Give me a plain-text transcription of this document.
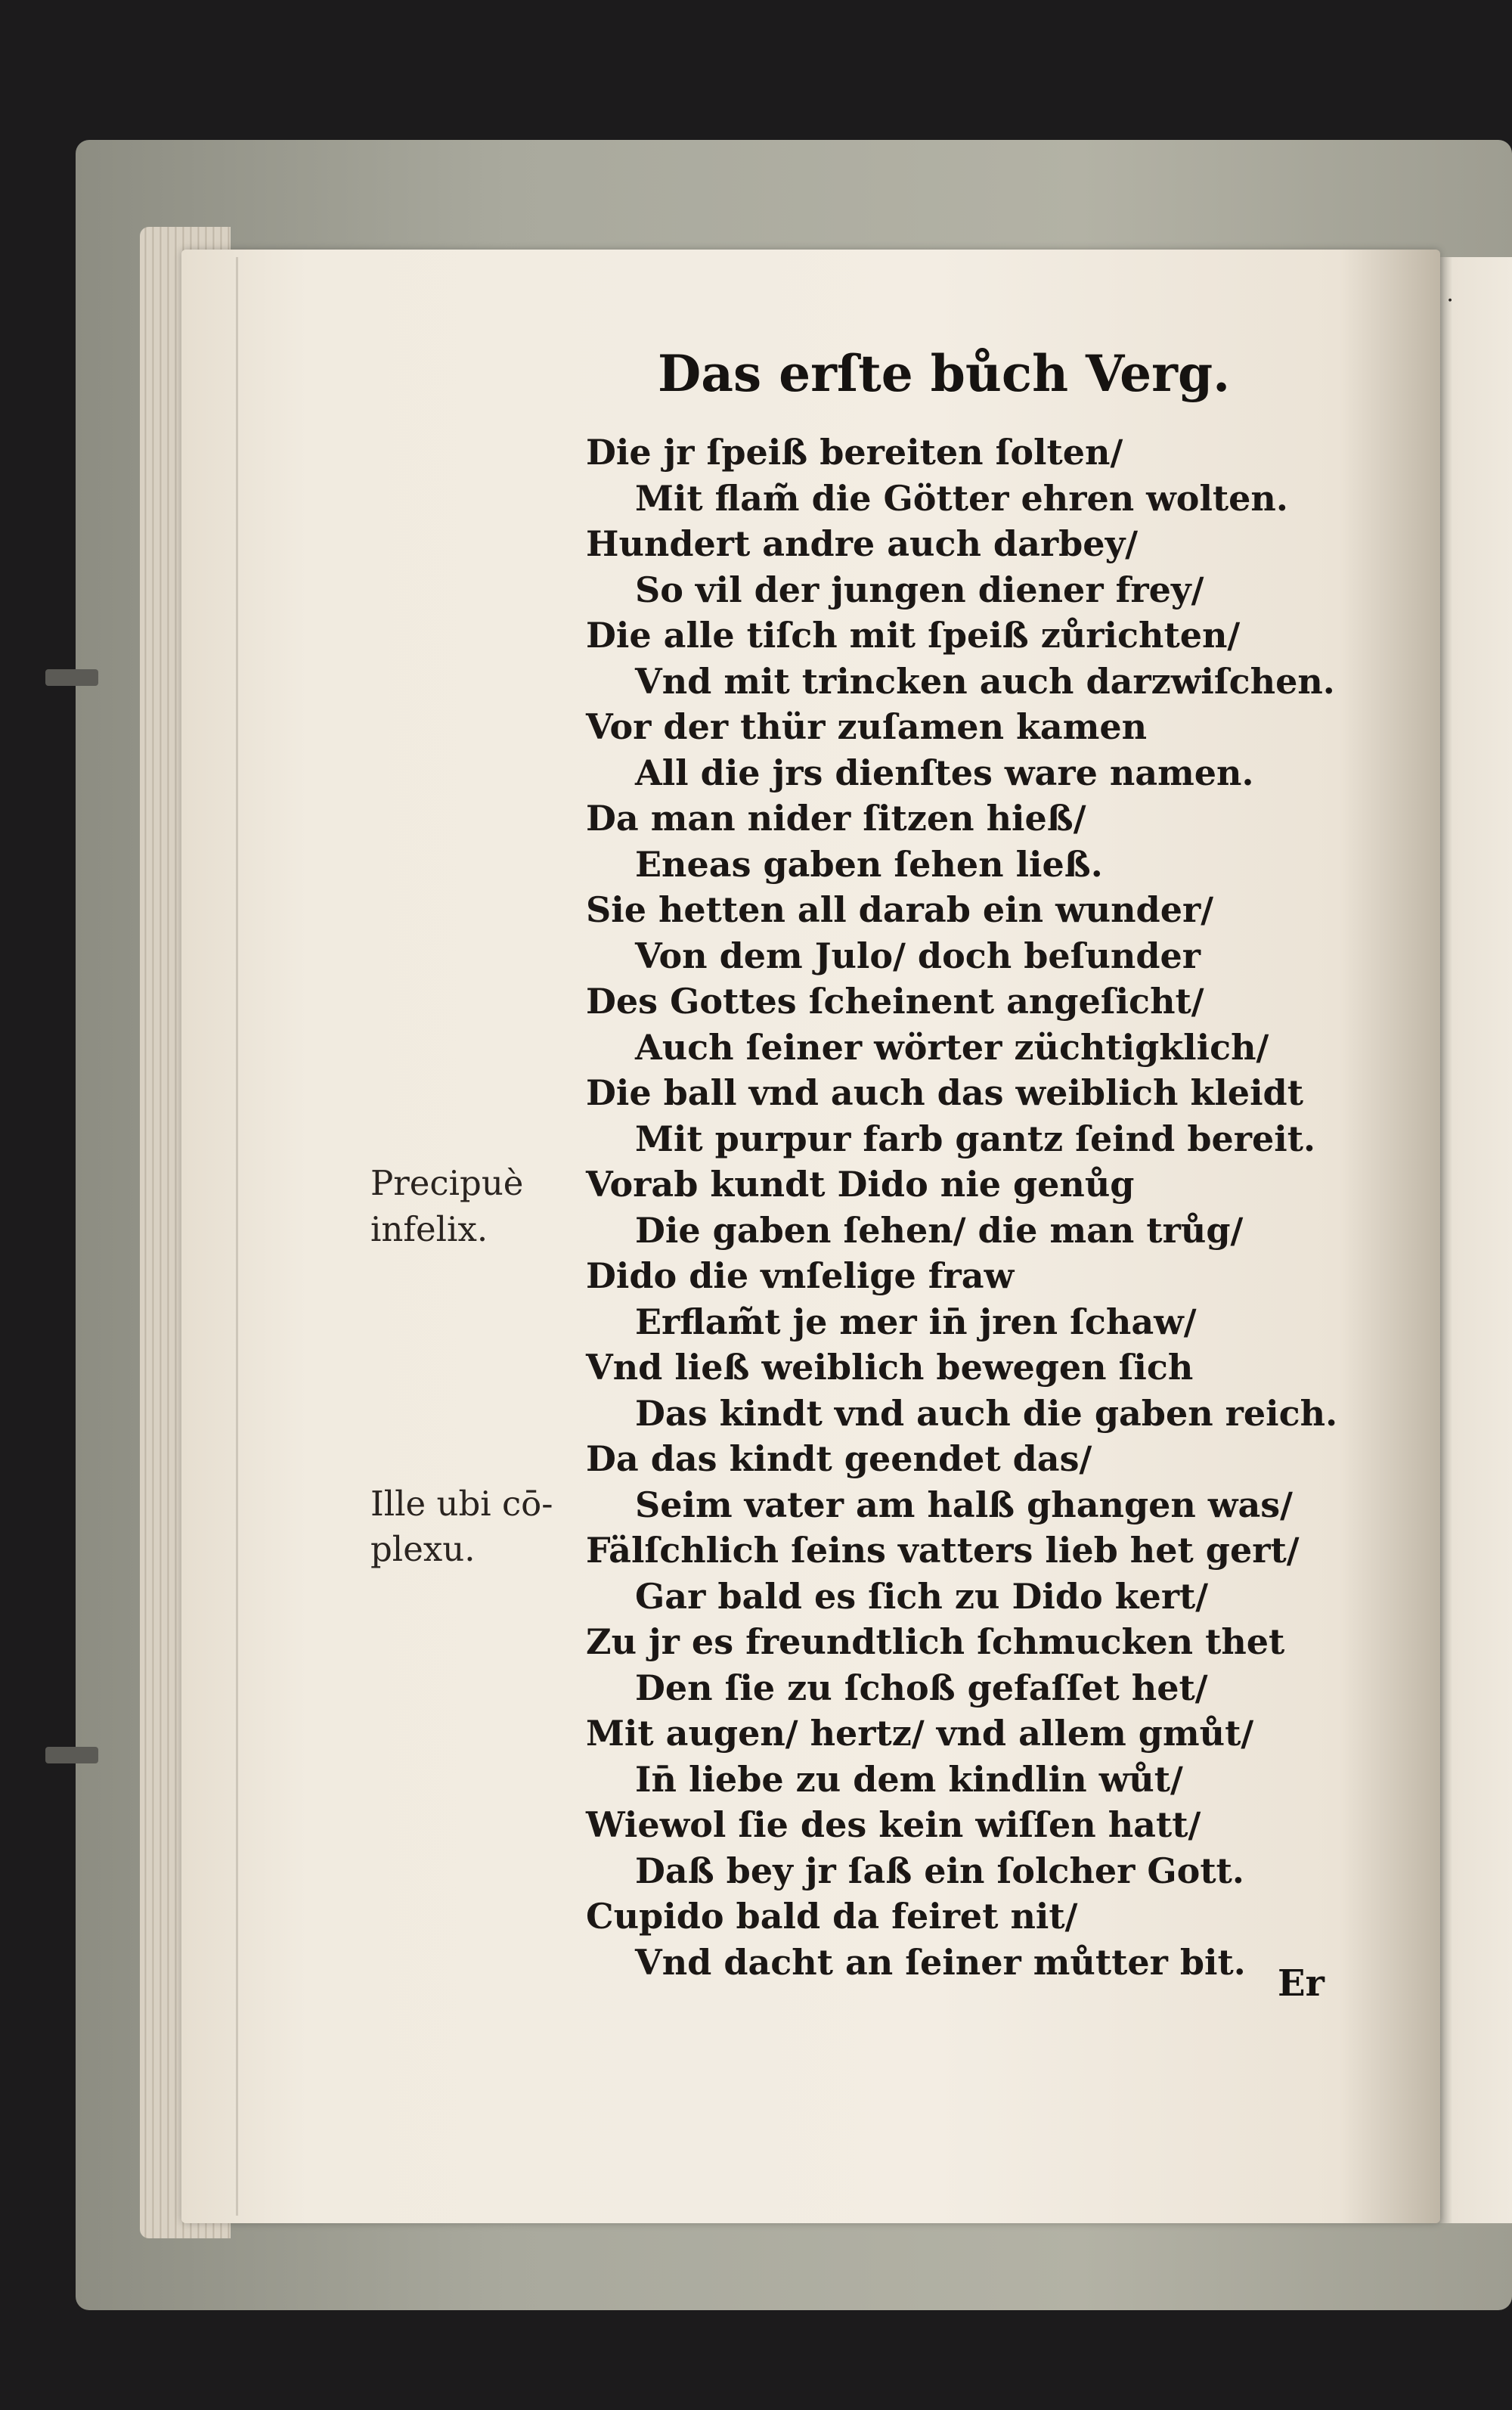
·
Das erſte bůch Verg.
Die jr ſpeiß bereiten ſolten/
Mit flam̃ die Götter ehren wolten.
Hundert andre auch darbey/
So vil der jungen diener frey/
Die alle tiſch mit ſpeiß zůrichten/
Vnd mit trincken auch darzwiſchen.
Vor der thür zuſamen kamen
All die jrs dienſtes ware namen.
Da man nider ſitzen hieß/
Eneas gaben ſehen ließ.
Sie hetten all darab ein wunder/
Von dem Julo/ doch beſunder
Des Gottes ſcheinent angeſicht/
Auch ſeiner wörter züchtigklich/
Die ball vnd auch das weiblich kleidt
Mit purpur farb gantz ſeind bereit.
Vorab kundt Dido nie genůg
Die gaben ſehen/ die man trůg/
Dido die vnſelige fraw
Erflam̃t je mer in̄ jren ſchaw/
Vnd ließ weiblich bewegen ſich
Das kindt vnd auch die gaben reich.
Da das kindt geendet das/
Seim vater am halß ghangen was/
Fälſchlich ſeins vatters lieb het gert/
Gar bald es ſich zu Dido kert/
Zu jr es freundtlich ſchmucken thet
Den ſie zu ſchoß gefaſſet het/
Mit augen/ hertz/ vnd allem gmůt/
In̄ liebe zu dem kindlin wůt/
Wiewol ſie des kein wiſſen hatt/
Daß bey jr ſaß ein ſolcher Gott.
Cupido bald da feiret nit/
Vnd dacht an ſeiner můtter bit.
Precipuè
infelix.
Ille ubi cō-
plexu.
Er
